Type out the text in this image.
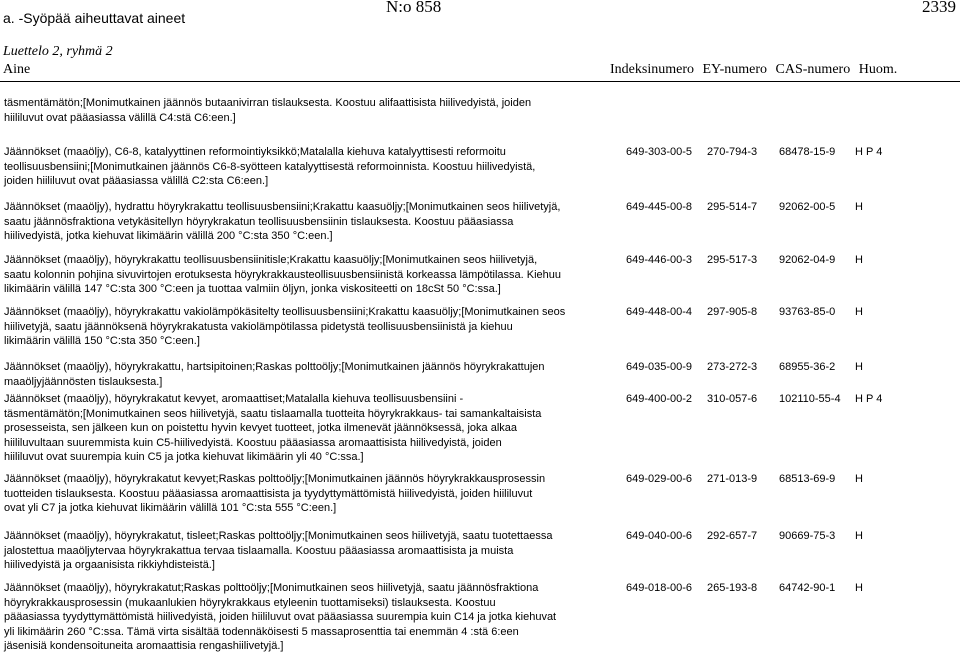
a. -Syöpää aiheuttavat aineet
N:o 858	2339
Luettelo 2, ryhmä 2
Aine	Indeksinumero EY-numero CAS-numero Huom.
täsmentämätön;[Monimutkainen jäännös butaanivirran tislauksesta. Koostuu alifaattisista hiilivedyistä, joiden
hiililuvut ovat pääasiassa välillä C4:stä C6:een.]
Jäännökset (maaöljy), C6-8, katalyyttinen reformointiyksikkö;Matalalla kiehuva katalyyttisesti reformoitu
teollisuusbensiini;[Monimutkainen jäännös C6-8-syötteen katalyyttisestä reformoinnista. Koostuu hiilivedyistä,
joiden hiililuvut ovat pääasiassa välillä C2:sta C6:een.]
649-303-00-5 270-794-3 68478-15-9 H P 4
Jäännökset (maaöljy), hydrattu höyrykrakattu teollisuusbensiini;Krakattu kaasuöljy;[Monimutkainen seos hiilivetyjä,
saatu jäännösfraktiona vetykäsitellyn höyrykrakatun teollisuusbensiinin tislauksesta. Koostuu pääasiassa
hiilivedyistä, jotka kiehuvat likimäärin välillä 200 °C:sta 350 °C:een.]
649-445-00-8 295-514-7 92062-00-5 H
Jäännökset (maaöljy), höyrykrakattu teollisuusbensiinitisle;Krakattu kaasuöljy;[Monimutkainen seos hiilivetyjä,
saatu kolonnin pohjina sivuvirtojen erotuksesta höyrykrakkausteollisuusbensiinistä korkeassa lämpötilassa. Kiehuu
likimäärin välillä 147 °C:sta 300 °C:een ja tuottaa valmiin öljyn, jonka viskositeetti on 18cSt 50 °C:ssa.]
649-446-00-3 295-517-3 92062-04-9 H
Jäännökset (maaöljy), höyrykrakattu vakiolämpökäsitelty teollisuusbensiini;Krakattu kaasuöljy;[Monimutkainen seos
hiilivetyjä, saatu jäännöksenä höyrykrakatusta vakiolämpötilassa pidetystä teollisuusbensiinistä ja kiehuu
likimäärin välillä 150 °C:sta 350 °C:een.]
649-448-00-4 297-905-8 93763-85-0 H
Jäännökset (maaöljy), höyrykrakattu, hartsipitoinen;Raskas polttoöljy;[Monimutkainen jäännös höyrykrakattujen
maaöljyjäännösten tislauksesta.]
649-035-00-9 273-272-3 68955-36-2 H
Jäännökset (maaöljy), höyrykrakatut kevyet, aromaattiset;Matalalla kiehuva teollisuusbensiini -
täsmentämätön;[Monimutkainen seos hiilivetyjä, saatu tislaamalla tuotteita höyrykrakkaus- tai samankaltaisista
prosesseista, sen jälkeen kun on poistettu hyvin kevyet tuotteet, jotka ilmenevät jäännöksessä, joka alkaa
hiililuvultaan suuremmista kuin C5-hiilivedyistä. Koostuu pääasiassa aromaattisista hiilivedyistä, joiden
hiililuvut ovat suurempia kuin C5 ja jotka kiehuvat likimäärin yli 40 °C:ssa.]
649-400-00-2 310-057-6 102110-55-4 H P 4
Jäännökset (maaöljy), höyrykrakatut kevyet;Raskas polttoöljy;[Monimutkainen jäännös höyrykrakkausprosessin
tuotteiden tislauksesta. Koostuu pääasiassa aromaattisista ja tyydyttymättömistä hiilivedyistä, joiden hiililuvut
ovat yli C7 ja jotka kiehuvat likimäärin välillä 101 °C:sta 555 °C:een.]
649-029-00-6 271-013-9 68513-69-9 H
Jäännökset (maaöljy), höyrykrakatut, tisleet;Raskas polttoöljy;[Monimutkainen seos hiilivetyjä, saatu tuotettaessa
jalostettua maaöljytervaa höyrykrakattua tervaa tislaamalla. Koostuu pääasiassa aromaattisista ja muista
hiilivedyistä ja orgaanisista rikkiyhdisteistä.]
649-040-00-6 292-657-7 90669-75-3 H
Jäännökset (maaöljy), höyrykrakatut;Raskas polttoöljy;[Monimutkainen seos hiilivetyjä, saatu jäännösfraktiona
höyrykrakkausprosessin (mukaanlukien höyrykrakkaus etyleenin tuottamiseksi) tislauksesta. Koostuu
pääasiassa tyydyttymättömistä hiilivedyistä, joiden hiililuvut ovat pääasiassa suurempia kuin C14 ja jotka kiehuvat
yli likimäärin 260 °C:ssa. Tämä virta sisältää todennäköisesti 5 massaprosenttia tai enemmän 4 :stä 6:een
jäsenisiä kondensoituneita aromaattisia rengashiilivetyjä.]
649-018-00-6 265-193-8 64742-90-1 H
